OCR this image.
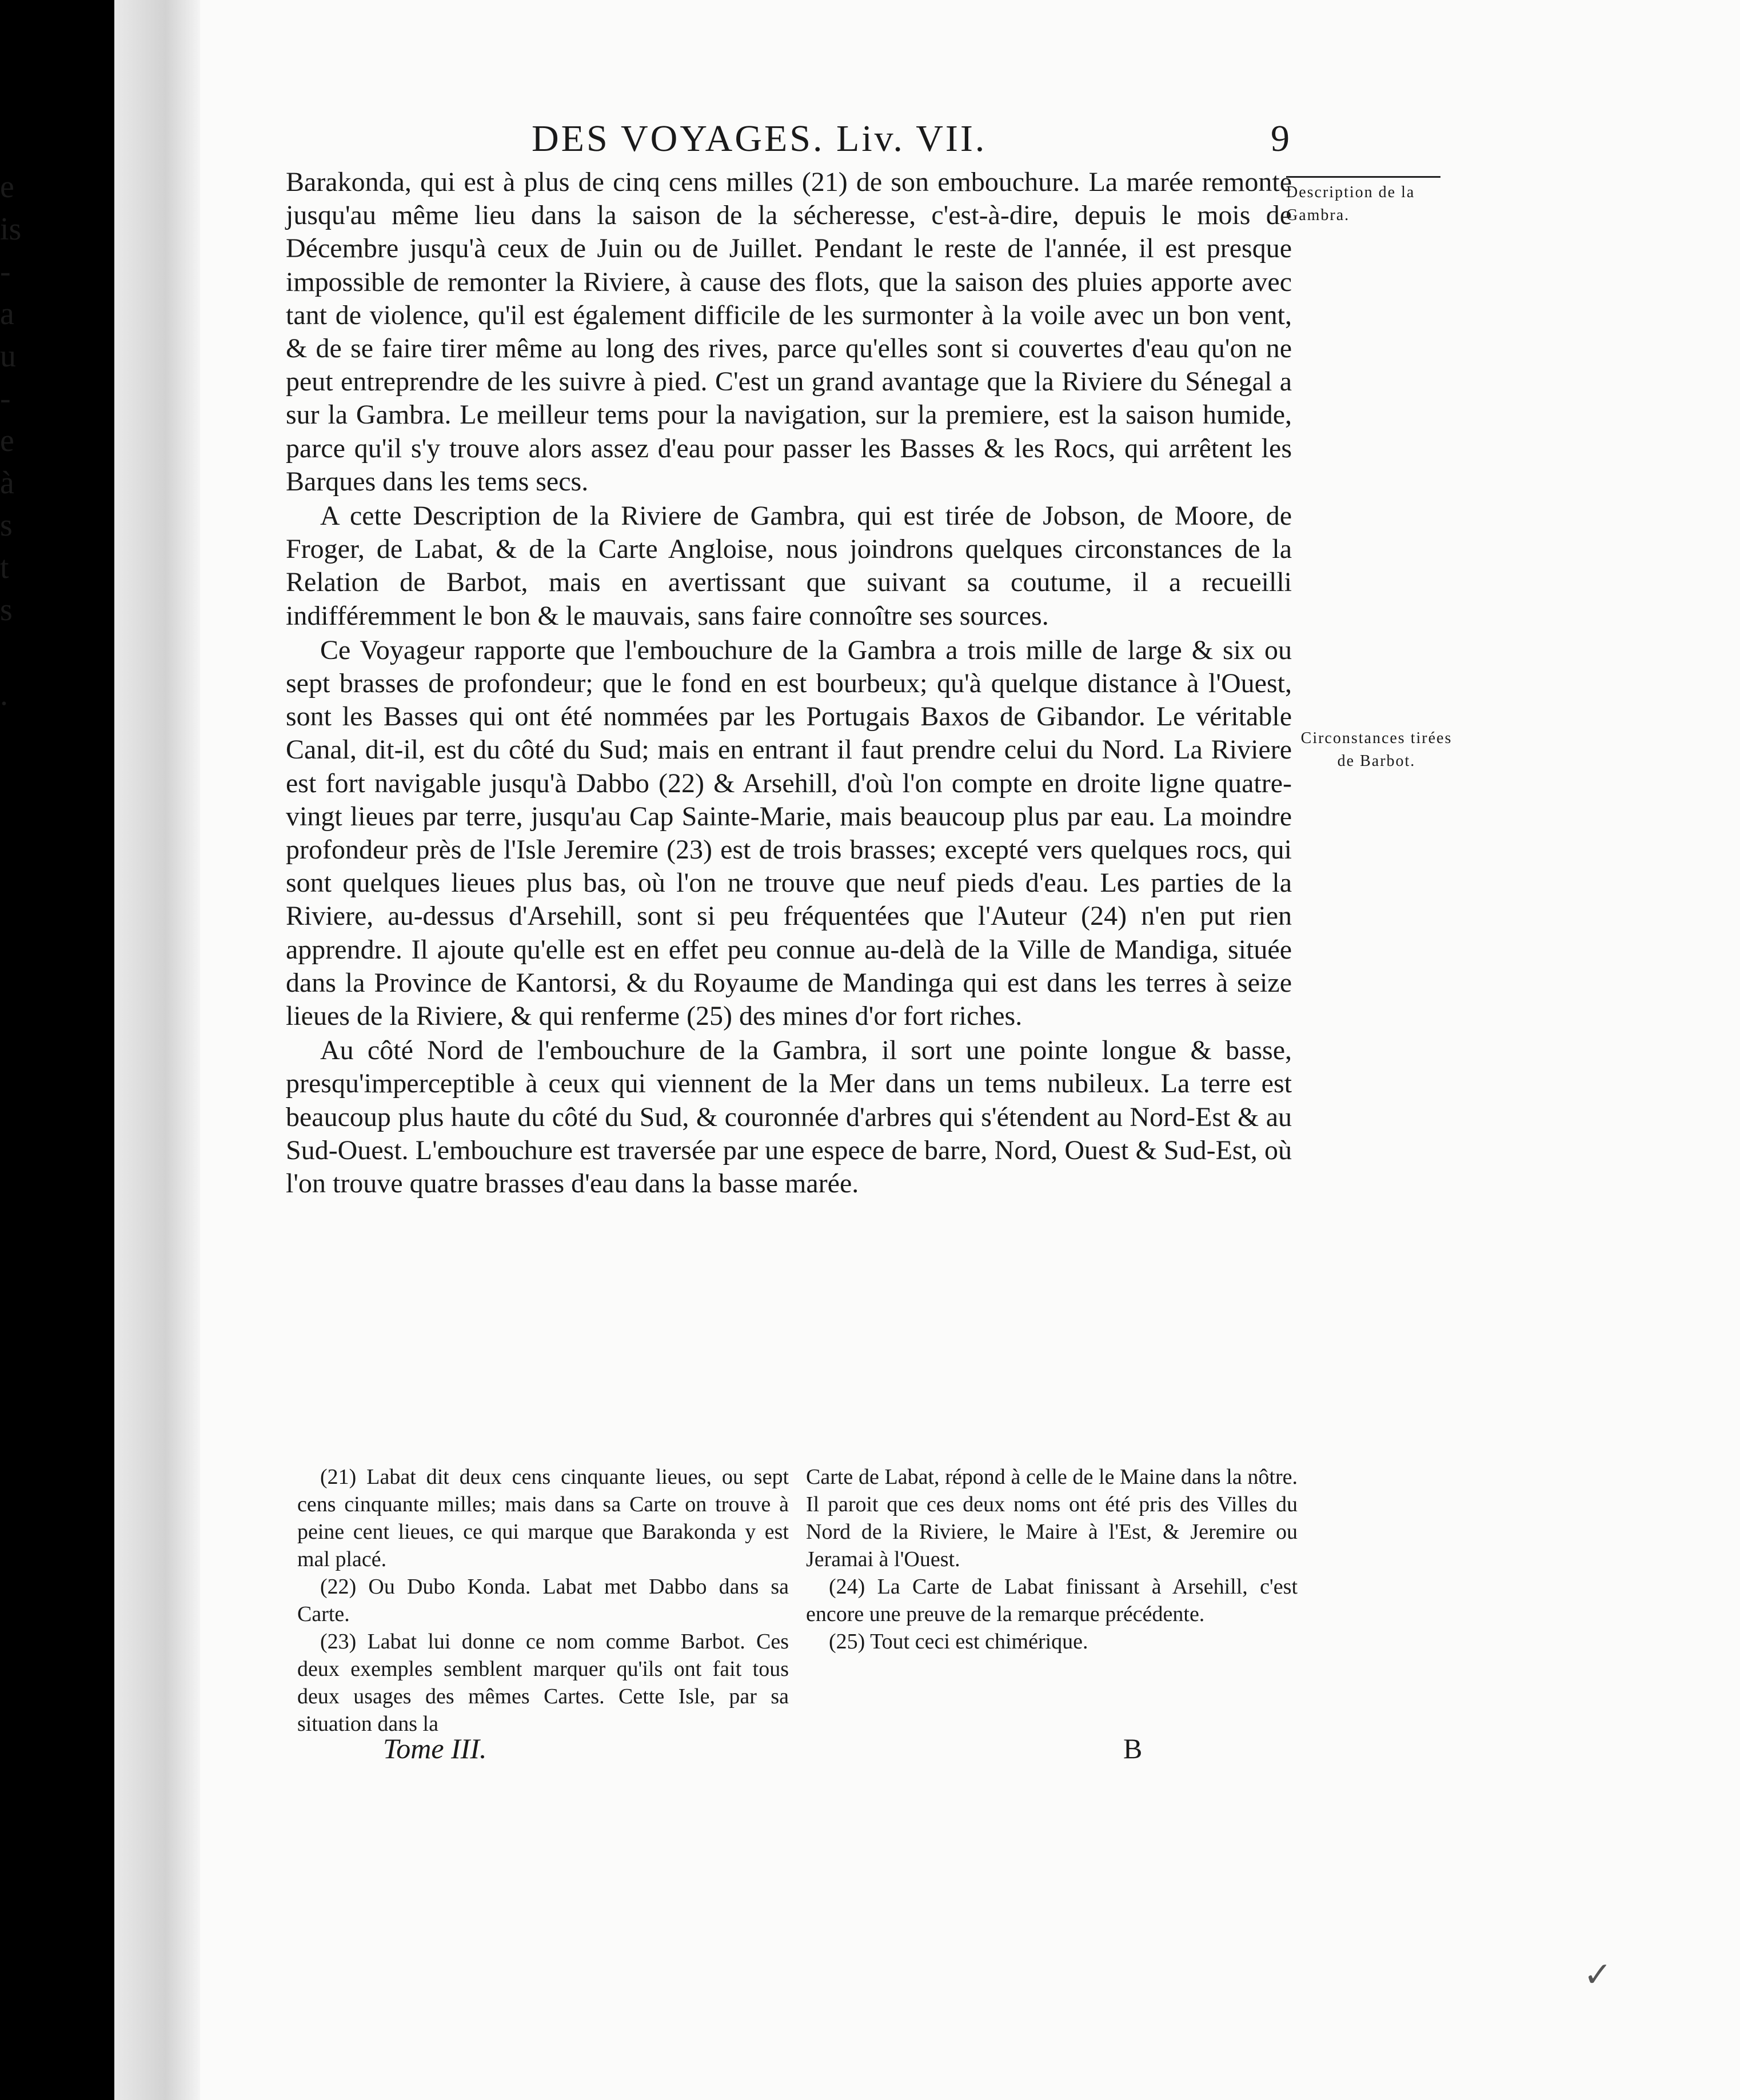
e
is
-
a
u
-
e
à
s
t
s
.
DES VOYAGES. Liv. VII.	9

Barakonda, qui est à plus de cinq cens milles (21) de son embouchure. La marée remonte jusqu'au même lieu dans la saison de la sécheresse, c'est-à-dire, depuis le mois de Décembre jusqu'à ceux de Juin ou de Juillet. Pendant le reste de l'année, il est presque impossible de remonter la Riviere, à cause des flots, que la saison des pluies apporte avec tant de violence, qu'il est également difficile de les surmonter à la voile avec un bon vent, & de se faire tirer même au long des rives, parce qu'elles sont si couvertes d'eau qu'on ne peut entreprendre de les suivre à pied. C'est un grand avantage que la Riviere du Sénegal a sur la Gambra. Le meilleur tems pour la navigation, sur la premiere, est la saison humide, parce qu'il s'y trouve alors assez d'eau pour passer les Basses & les Rocs, qui arrêtent les Barques dans les tems secs.

A cette Description de la Riviere de Gambra, qui est tirée de Jobson, de Moore, de Froger, de Labat, & de la Carte Angloise, nous joindrons quelques circonstances de la Relation de Barbot, mais en avertissant que suivant sa coutume, il a recueilli indifféremment le bon & le mauvais, sans faire connoître ses sources.

Ce Voyageur rapporte que l'embouchure de la Gambra a trois mille de large & six ou sept brasses de profondeur; que le fond en est bourbeux; qu'à quelque distance à l'Ouest, sont les Basses qui ont été nommées par les Portugais Baxos de Gibandor. Le véritable Canal, dit-il, est du côté du Sud; mais en entrant il faut prendre celui du Nord. La Riviere est fort navigable jusqu'à Dabbo (22) & Arsehill, d'où l'on compte en droite ligne quatre-vingt lieues par terre, jusqu'au Cap Sainte-Marie, mais beaucoup plus par eau. La moindre profondeur près de l'Isle Jeremire (23) est de trois brasses; excepté vers quelques rocs, qui sont quelques lieues plus bas, où l'on ne trouve que neuf pieds d'eau. Les parties de la Riviere, au-dessus d'Arsehill, sont si peu fréquentées que l'Auteur (24) n'en put rien apprendre. Il ajoute qu'elle est en effet peu connue au-delà de la Ville de Mandiga, située dans la Province de Kantorsi, & du Royaume de Mandinga qui est dans les terres à seize lieues de la Riviere, & qui renferme (25) des mines d'or fort riches.

Au côté Nord de l'embouchure de la Gambra, il sort une pointe longue & basse, presqu'imperceptible à ceux qui viennent de la Mer dans un tems nubileux. La terre est beaucoup plus haute du côté du Sud, & couronnée d'arbres qui s'étendent au Nord-Est & au Sud-Ouest. L'embouchure est traversée par une espece de barre, Nord, Ouest & Sud-Est, où l'on trouve quatre brasses d'eau dans la basse marée.

Description de la Gambra.
Circonstances tirées de Barbot.

(21) Labat dit deux cens cinquante lieues, ou sept cens cinquante milles; mais dans sa Carte on trouve à peine cent lieues, ce qui marque que Barakonda y est mal placé.

(22) Ou Dubo Konda. Labat met Dabbo dans sa Carte.

(23) Labat lui donne ce nom comme Barbot. Ces deux exemples semblent marquer qu'ils ont fait tous deux usages des mêmes Cartes. Cette Isle, par sa situation dans la

Carte de Labat, répond à celle de le Maine dans la nôtre. Il paroit que ces deux noms ont été pris des Villes du Nord de la Riviere, le Maire à l'Est, & Jeremire ou Jeramai à l'Ouest.

(24) La Carte de Labat finissant à Arsehill, c'est encore une preuve de la remarque précédente.

(25) Tout ceci est chimérique.

Tome III.	B
✓
